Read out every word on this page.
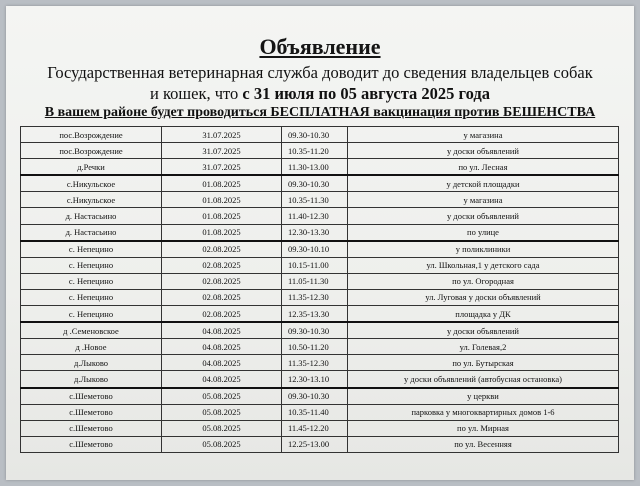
Объявление
Государственная ветеринарная служба доводит до сведения владельцев собак
и кошек, что с 31 июля по 05 августа 2025 года
В вашем районе будет проводиться БЕСПЛАТНАЯ вакцинация против БЕШЕНСТВА
пос.Возрождение	31.07.2025	09.30-10.30	у магазина
пос.Возрождение	31.07.2025	10.35-11.20	у доски объявлений
д.Речки	31.07.2025	11.30-13.00	по ул. Лесная
с.Никульское	01.08.2025	09.30-10.30	у детской площадки
с.Никульское	01.08.2025	10.35-11.30	у магазина
д. Настасьино	01.08.2025	11.40-12.30	у доски объявлений
д. Настасьино	01.08.2025	12.30-13.30	по улице
с. Непецино	02.08.2025	09.30-10.10	у поликлиники
с. Непецино	02.08.2025	10.15-11.00	ул. Школьная,1 у детского сада
с. Непецино	02.08.2025	11.05-11.30	по ул. Огородная
с. Непецино	02.08.2025	11.35-12.30	ул. Луговая у доски объявлений
с. Непецино	02.08.2025	12.35-13.30	площадка у ДК
д .Семеновское	04.08.2025	09.30-10.30	у доски объявлений
д .Новое	04.08.2025	10.50-11.20	ул. Голевая,2
д.Лыково	04.08.2025	11.35-12.30	по ул. Бутырская
д.Лыково	04.08.2025	12.30-13.10	у доски объявлений (автобусная остановка)
с.Шеметово	05.08.2025	09.30-10.30	у церкви
с.Шеметово	05.08.2025	10.35-11.40	парковка у многоквартирных домов 1-6
с.Шеметово	05.08.2025	11.45-12.20	по ул. Мирная
с.Шеметово	05.08.2025	12.25-13.00	по ул. Весенняя
